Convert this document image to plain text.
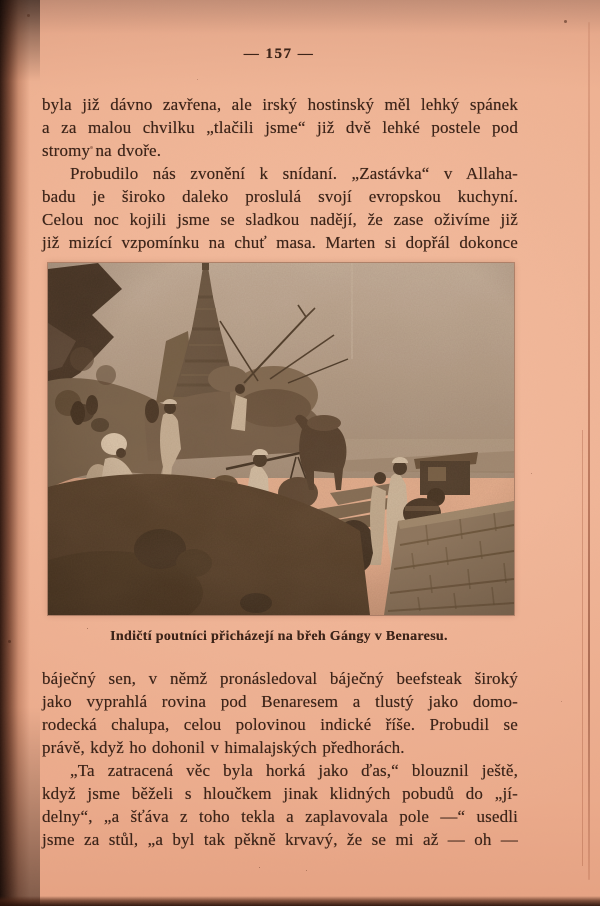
— 157 —
byla již dávno zavřena, ale irský hostinský měl lehký spánek
a za malou chvilku „tlačili jsme“ již dvě lehké postele pod
stromy na dvoře.
Probudilo nás zvonění k snídaní. „Zastávka“ v Allaha-
badu je široko daleko proslulá svojí evropskou kuchyní.
Celou noc kojili jsme se sladkou nadějí, že zase oživíme již
již mizící vzpomínku na chuť masa. Marten si dopřál dokonce
Indičtí poutníci přicházejí na břeh Gángy v Benaresu.
báječný sen, v němž pronásledoval báječný beefsteak široký
jako vyprahlá rovina pod Benaresem a tlustý jako domo-
rodecká chalupa, celou polovinou indické říše. Probudil se
právě, když ho dohonil v himalajských předhorách.
„Ta zatracená věc byla horká jako ďas,“ blouznil ještě,
když jsme běželi s hloučkem jinak klidných pobudů do „jí-
delny“, „a šťáva z toho tekla a zaplavovala pole —“ usedli
jsme za stůl, „a byl tak pěkně krvavý, že se mi až — oh —
